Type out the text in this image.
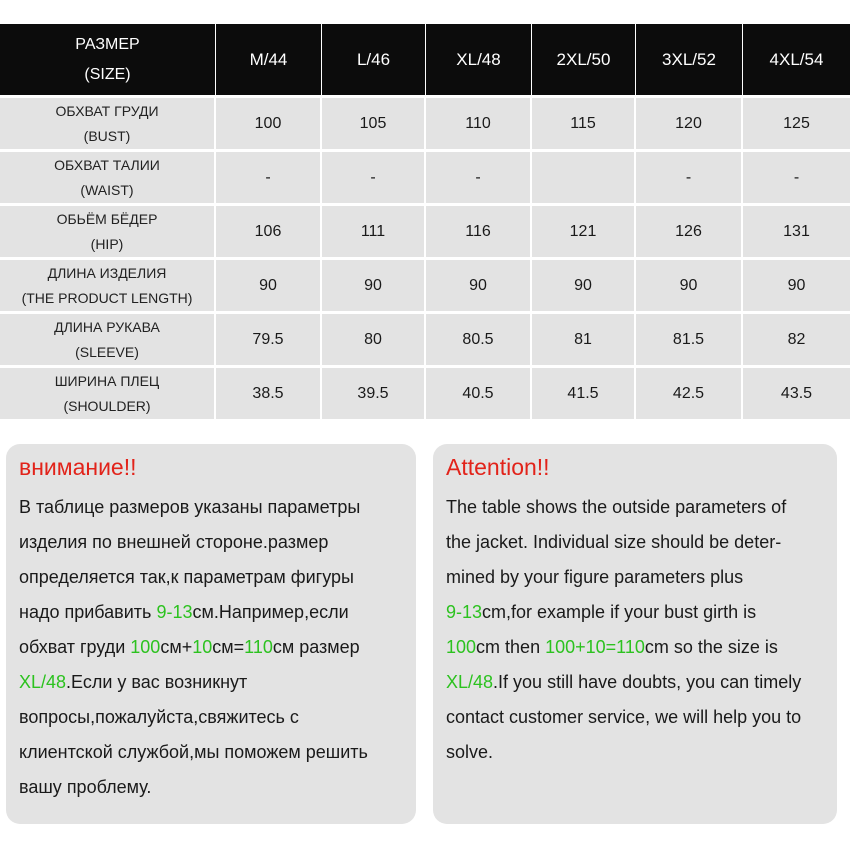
РАЗМЕР
(SIZE)	M/44	L/46	XL/48	2XL/50	3XL/52	4XL/54

ОБХВАТ ГРУДИ
(BUST)	100	105	110	115	120	125

ОБХВАТ ТАЛИИ
(WAIST)	-	-	-		-	-

ОБЬЁМ БЁДЕР
(HIP)	106	111	116	121	126	131

ДЛИНА ИЗДЕЛИЯ
(THE PRODUCT LENGTH)	90	90	90	90	90	90

ДЛИНА РУКАВА
(SLEEVE)	79.5	80	80.5	81	81.5	82

ШИРИНА ПЛЕЦ
(SHOULDER)	38.5	39.5	40.5	41.5	42.5	43.5
внимание!!
В таблице размеров указаны параметры
изделия по внешней стороне.размер
определяется так,к параметрам фигуры
надо прибавить 9-13см.Например,если
обхват груди 100см+10см=110см размер
XL/48.Если у вас возникнут
вопросы,пожалуйста,свяжитесь с
клиентской службой,мы поможем решить
вашу проблему.
Attention!!
The table shows the outside parameters of
the jacket. Individual size should be deter-
mined by your figure parameters plus
9-13cm,for example if your bust girth is
100cm then 100+10=110cm so the size is
XL/48.If you still have doubts, you can timely
contact customer service, we will help you to
solve.
